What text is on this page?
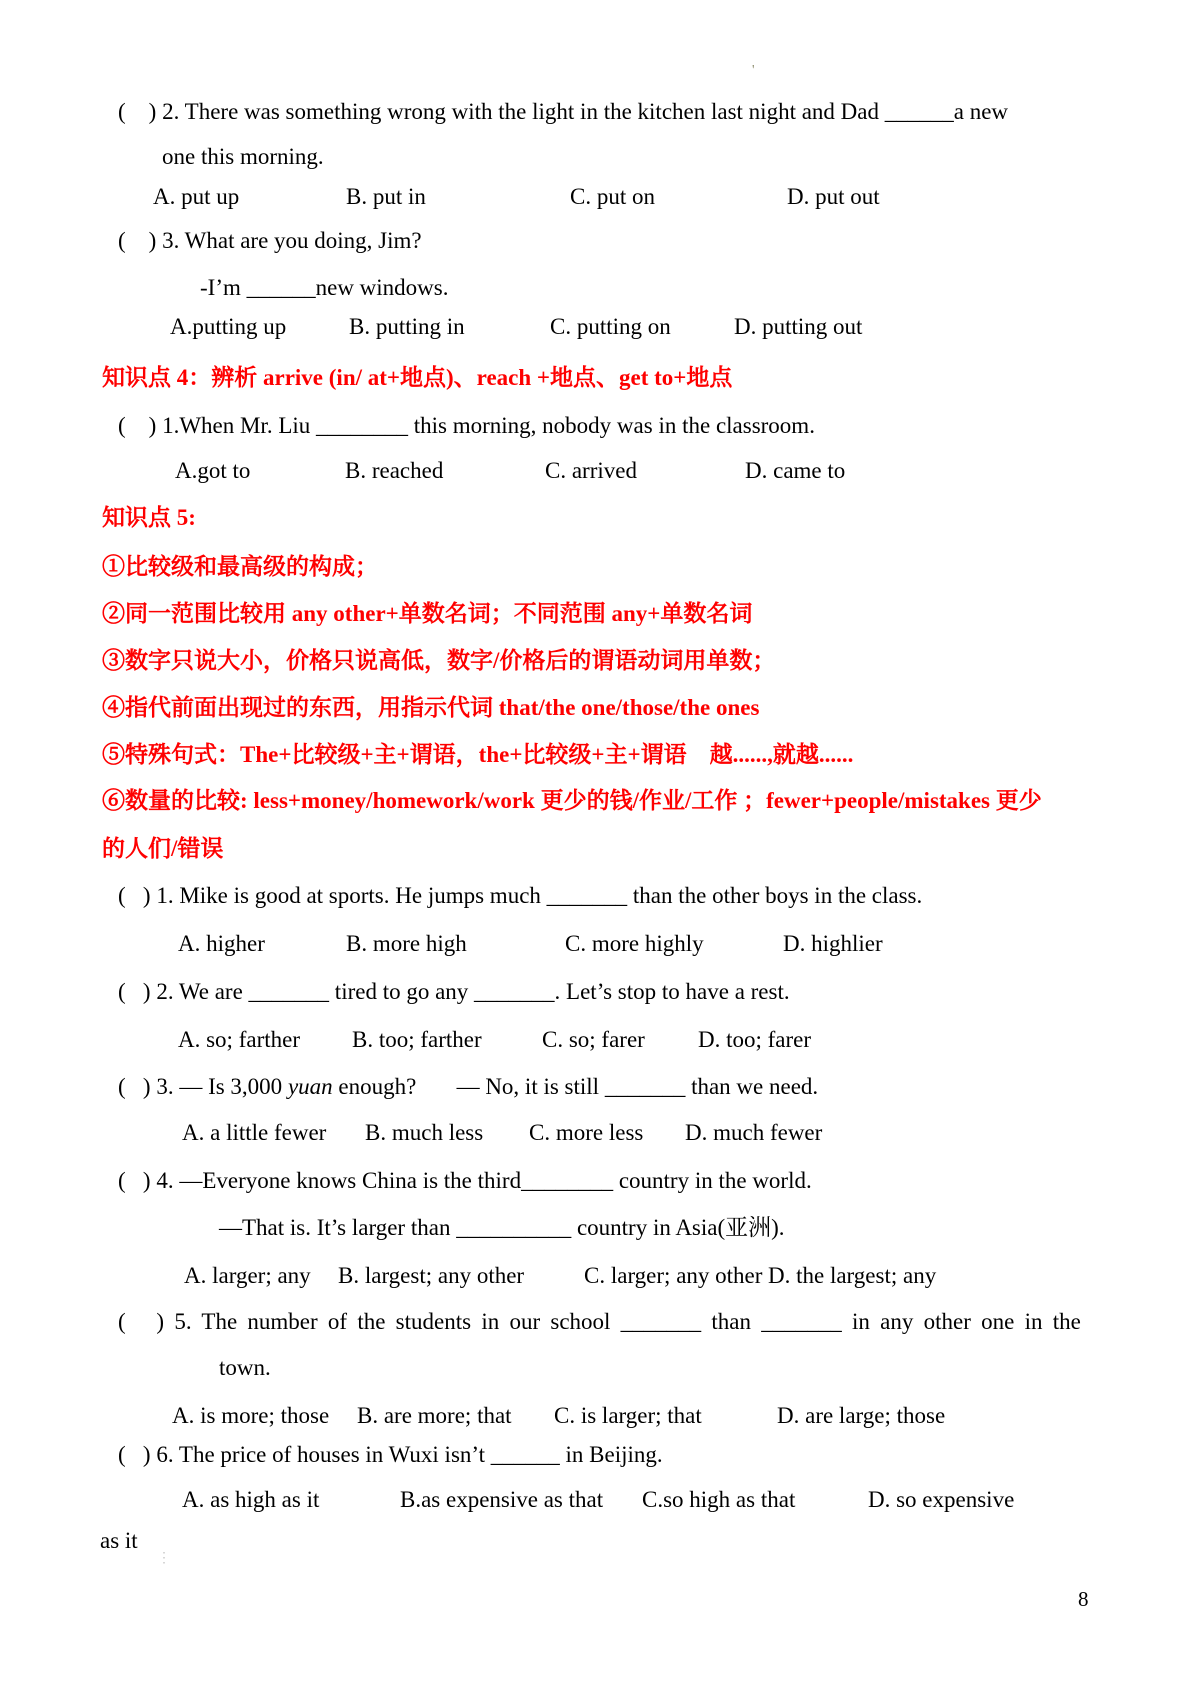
'
⋮
(    ) 2. There was something wrong with the light in the kitchen last night and Dad ______a new
one this morning.
A. put up	B. put in	C. put on	D. put out
(    ) 3. What are you doing, Jim?
-I’m ______new windows.
A.putting up	B. putting in	C. putting on	D. putting out
知识点 4：辨析 arrive (in/ at+地点)、reach +地点、get to+地点
(    ) 1.When Mr. Liu ________ this morning, nobody was in the classroom.
A.got to	B. reached	C. arrived	D. came to
知识点 5:
①比较级和最高级的构成；
②同一范围比较用 any other+单数名词；不同范围 any+单数名词
③数字只说大小，价格只说高低，数字/价格后的谓语动词用单数；
④指代前面出现过的东西，用指示代词 that/the one/those/the ones
⑤特殊句式：The+比较级+主+谓语，the+比较级+主+谓语    越......,就越......
⑥数量的比较: less+money/homework/work 更少的钱/作业/工作 ；fewer+people/mistakes 更少
的人们/错误
(   ) 1. Mike is good at sports. He jumps much _______ than the other boys in the class.
A. higher	B. more high	C. more highly	D. highlier
(   ) 2. We are _______ tired to go any _______. Let’s stop to have a rest.
A. so; farther B. too; farther	C. so; farer D. too; farer
(   ) 3. — Is 3,000 yuan enough?       — No, it is still _______ than we need.
A. a little fewer B. much less C. more less D. much fewer
(   ) 4. —Everyone knows China is the third________ country in the world.
—That is. It’s larger than __________ country in Asia(亚洲).
A. larger; any B. largest; any other	C. larger; any other D. the largest; any
(   ) 5. The number of the students in our school _______ than _______ in any other one in the
town.
A. is more; those B. are more; that C. is larger; that	D. are large; those
(   ) 6. The price of houses in Wuxi isn’t ______ in Beijing.
A. as high as it	B.as expensive as that C.so high as that	D. so expensive
as it
8
